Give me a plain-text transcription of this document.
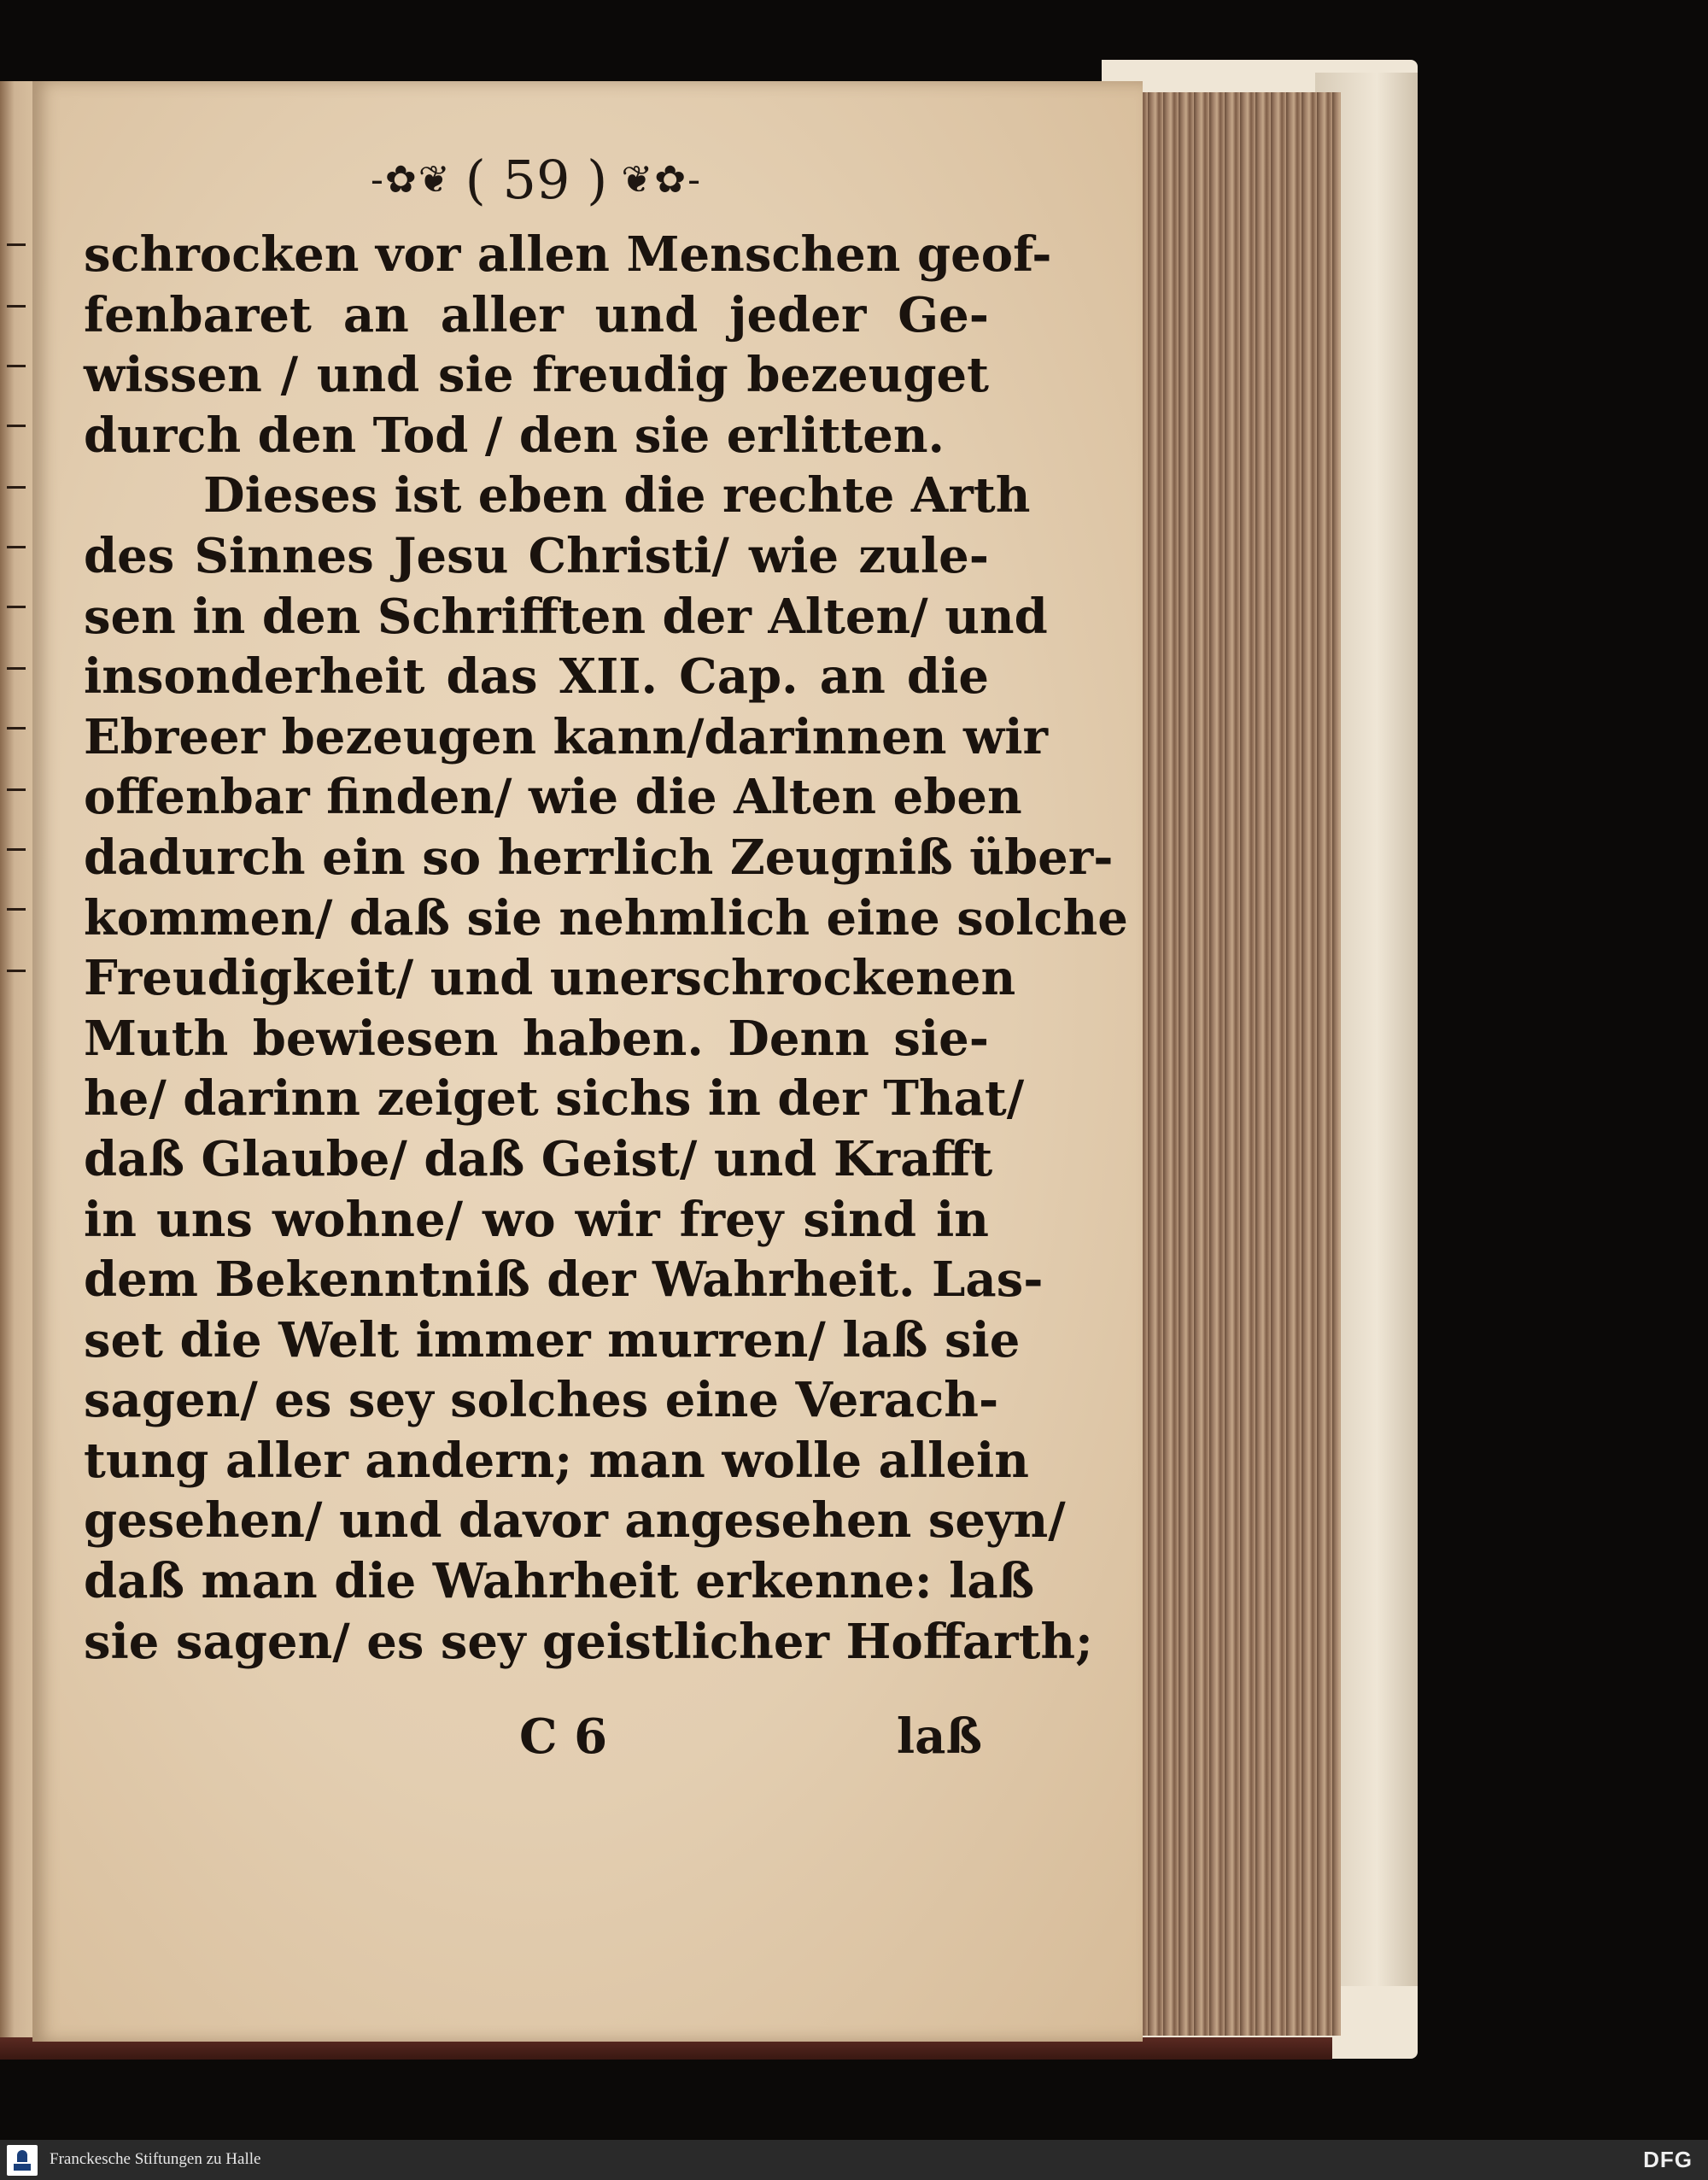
-✿❦ ( 59 ) ❦✿-
schrocken vor allen Menschen geof-
fenbaret an aller und jeder Ge-
wissen / und sie freudig bezeuget
durch den Tod / den sie erlitten.
Dieses ist eben die rechte Arth
des Sinnes Jesu Christi/ wie zule-
sen in den Schrifften der Alten/ und
insonderheit das XII. Cap. an die
Ebreer bezeugen kann/darinnen wir
offenbar finden/ wie die Alten eben
dadurch ein so herrlich Zeugniß über-
kommen/ daß sie nehmlich eine solche
Freudigkeit/ und unerschrockenen
Muth bewiesen haben. Denn sie-
he/ darinn zeiget sichs in der That/
daß Glaube/ daß Geist/ und Krafft
in uns wohne/ wo wir frey sind in
dem Bekenntniß der Wahrheit. Las-
set die Welt immer murren/ laß sie
sagen/ es sey solches eine Verach-
tung aller andern; man wolle allein
gesehen/ und davor angesehen seyn/
daß man die Wahrheit erkenne: laß
sie sagen/ es sey geistlicher Hoffarth;
C 6	laß
Franckesche Stiftungen zu Halle	DFG
